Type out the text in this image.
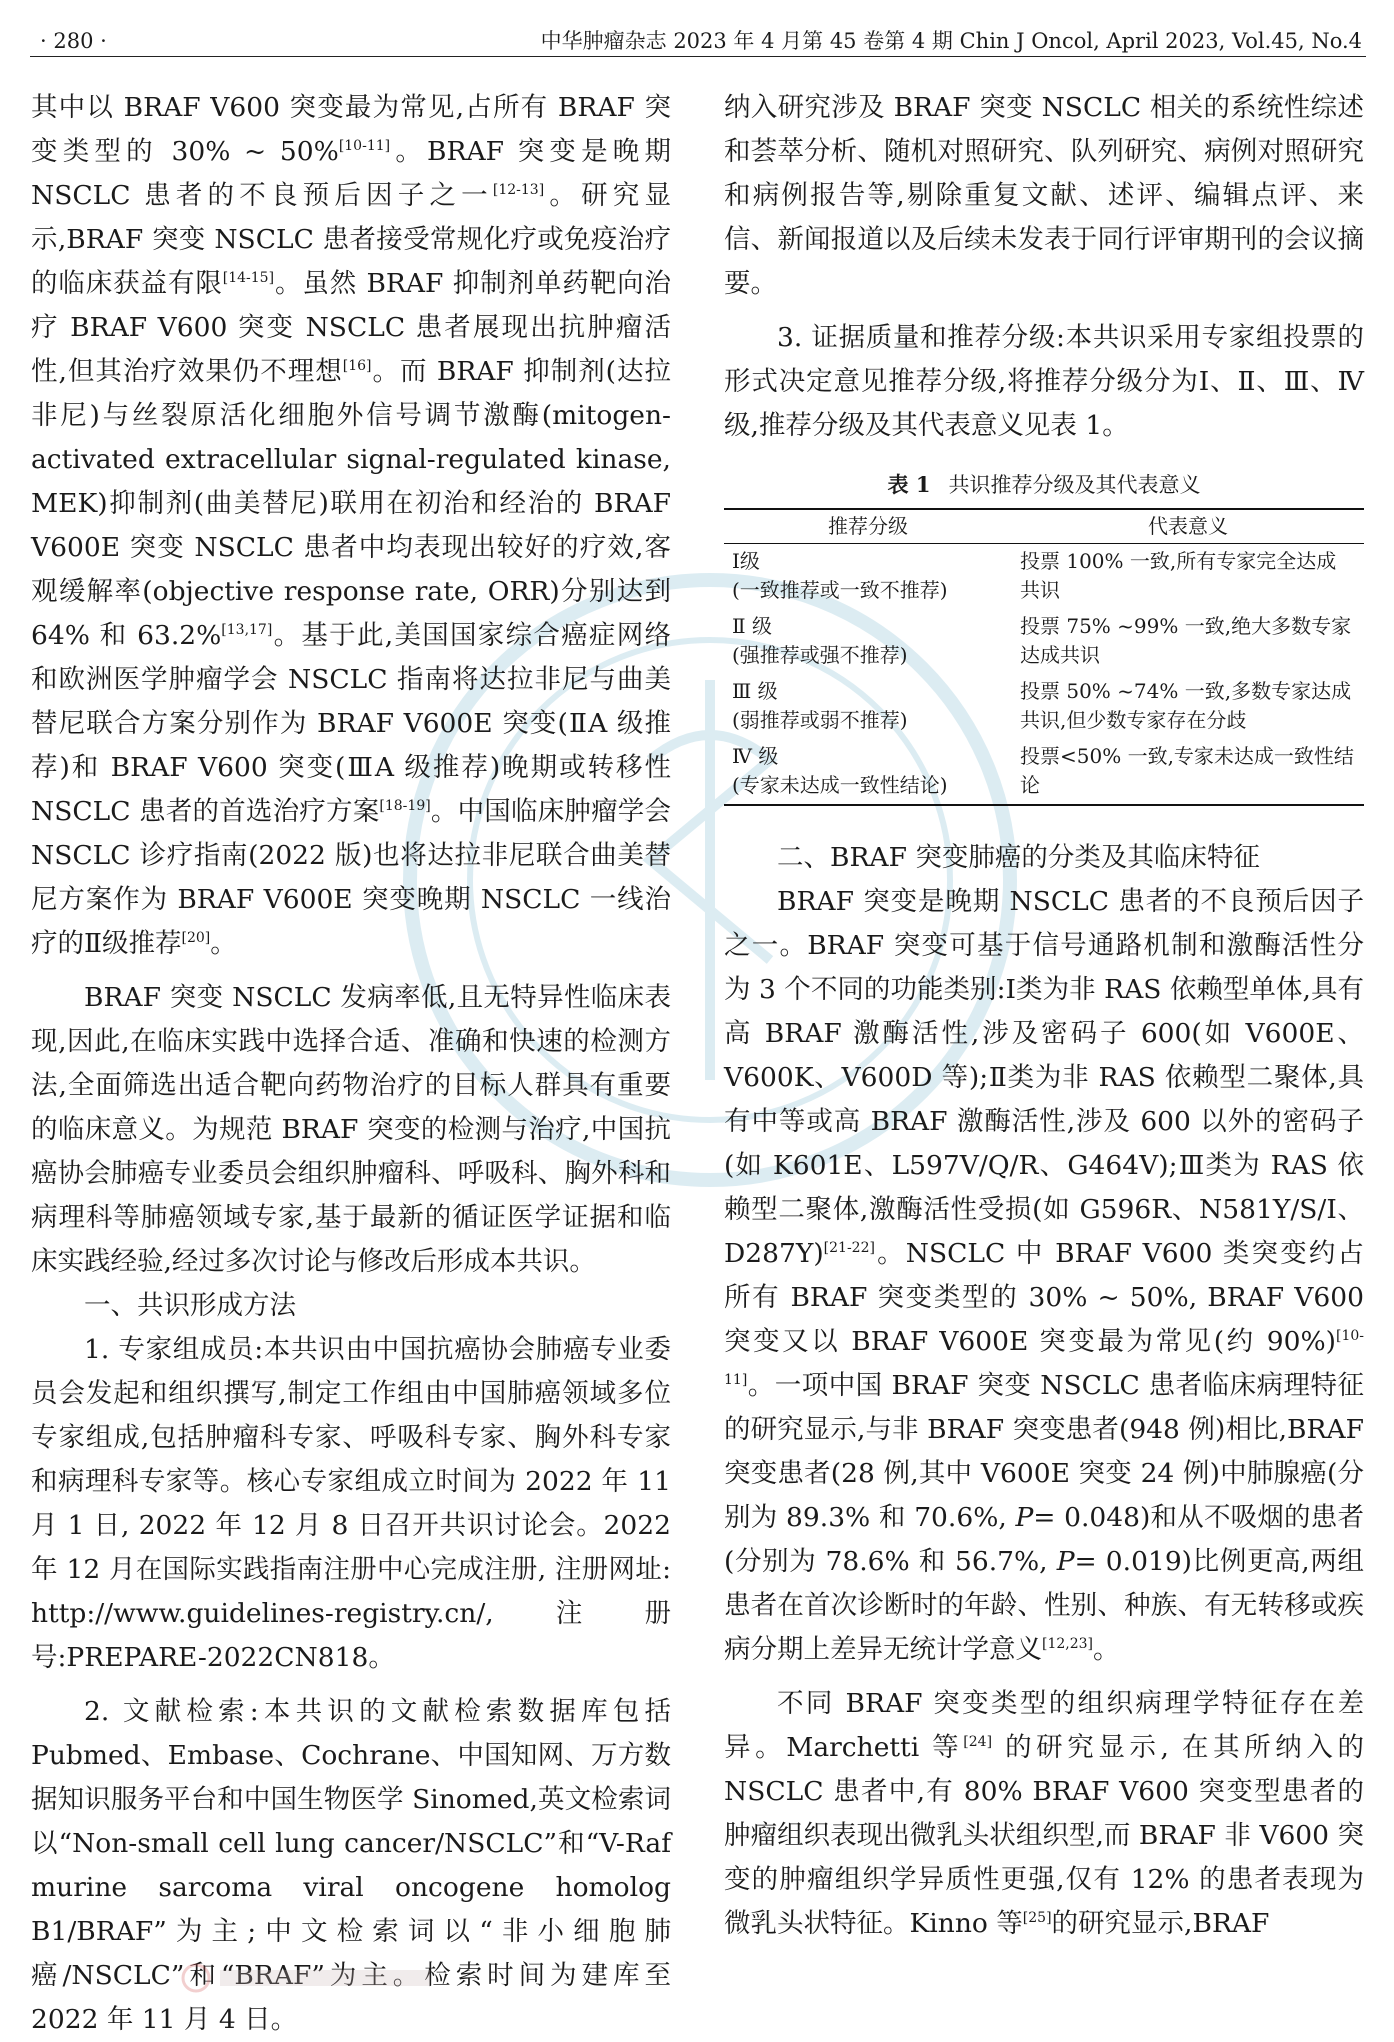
· 280 ·	中华肿瘤杂志 2023 年 4 月第 45 卷第 4 期 Chin J Oncol, April 2023, Vol.45, No.4

其中以 BRAF V600 突变最为常见,占所有 BRAF 突变类型的 30% ~ 50%[10-11]。BRAF 突变是晚期 NSCLC 患者的不良预后因子之一[12-13]。研究显示,BRAF 突变 NSCLC 患者接受常规化疗或免疫治疗的临床获益有限[14-15]。虽然 BRAF 抑制剂单药靶向治疗 BRAF V600 突变 NSCLC 患者展现出抗肿瘤活性,但其治疗效果仍不理想[16]。而 BRAF 抑制剂(达拉非尼)与丝裂原活化细胞外信号调节激酶(mitogen-activated extracellular signal-regulated kinase, MEK)抑制剂(曲美替尼)联用在初治和经治的 BRAF V600E 突变 NSCLC 患者中均表现出较好的疗效,客观缓解率(objective response rate, ORR)分别达到 64% 和 63.2%[13,17]。基于此,美国国家综合癌症网络和欧洲医学肿瘤学会 NSCLC 指南将达拉非尼与曲美替尼联合方案分别作为 BRAF V600E 突变(ⅡA 级推荐)和 BRAF V600 突变(ⅢA 级推荐)晚期或转移性 NSCLC 患者的首选治疗方案[18-19]。中国临床肿瘤学会 NSCLC 诊疗指南(2022 版)也将达拉非尼联合曲美替尼方案作为 BRAF V600E 突变晚期 NSCLC 一线治疗的Ⅱ级推荐[20]。

BRAF 突变 NSCLC 发病率低,且无特异性临床表现,因此,在临床实践中选择合适、准确和快速的检测方法,全面筛选出适合靶向药物治疗的目标人群具有重要的临床意义。为规范 BRAF 突变的检测与治疗,中国抗癌协会肺癌专业委员会组织肿瘤科、呼吸科、胸外科和病理科等肺癌领域专家,基于最新的循证医学证据和临床实践经验,经过多次讨论与修改后形成本共识。

一、共识形成方法

1. 专家组成员:本共识由中国抗癌协会肺癌专业委员会发起和组织撰写,制定工作组由中国肺癌领域多位专家组成,包括肿瘤科专家、呼吸科专家、胸外科专家和病理科专家等。核心专家组成立时间为 2022 年 11 月 1 日, 2022 年 12 月 8 日召开共识讨论会。2022 年 12 月在国际实践指南注册中心完成注册, 注册网址: http://www.guidelines-registry.cn/,注册号:PREPARE-2022CN818。

2. 文献检索:本共识的文献检索数据库包括 Pubmed、Embase、Cochrane、中国知网、万方数据知识服务平台和中国生物医学 Sinomed,英文检索词以“Non-small cell lung cancer/NSCLC”和“V-Raf murine sarcoma viral oncogene homolog B1/BRAF”为主;中文检索词以“非小细胞肺癌/NSCLC”和“BRAF”为主。检索时间为建库至 2022 年 11 月 4 日。

纳入研究涉及 BRAF 突变 NSCLC 相关的系统性综述和荟萃分析、随机对照研究、队列研究、病例对照研究和病例报告等,剔除重复文献、述评、编辑点评、来信、新闻报道以及后续未发表于同行评审期刊的会议摘要。

3. 证据质量和推荐分级:本共识采用专家组投票的形式决定意见推荐分级,将推荐分级分为Ⅰ、Ⅱ、Ⅲ、Ⅳ级,推荐分级及其代表意义见表 1。

表 1 共识推荐分级及其代表意义
推荐分级	代表意义

Ⅰ级
(一致推荐或一致不推荐)	投票 100% 一致,所有专家完全达成共识

Ⅱ 级
(强推荐或强不推荐)	投票 75% ~99% 一致,绝大多数专家达成共识

Ⅲ 级
(弱推荐或弱不推荐)	投票 50% ~74% 一致,多数专家达成共识,但少数专家存在分歧

Ⅳ 级
(专家未达成一致性结论)	投票<50% 一致,专家未达成一致性结论
二、BRAF 突变肺癌的分类及其临床特征

BRAF 突变是晚期 NSCLC 患者的不良预后因子之一。BRAF 突变可基于信号通路机制和激酶活性分为 3 个不同的功能类别:Ⅰ类为非 RAS 依赖型单体,具有高 BRAF 激酶活性,涉及密码子 600(如 V600E、V600K、V600D 等);Ⅱ类为非 RAS 依赖型二聚体,具有中等或高 BRAF 激酶活性,涉及 600 以外的密码子(如 K601E、L597V/Q/R、G464V);Ⅲ类为 RAS 依赖型二聚体,激酶活性受损(如 G596R、N581Y/S/I、D287Y)[21-22]。NSCLC 中 BRAF V600 类突变约占所有 BRAF 突变类型的 30% ~ 50%, BRAF V600 突变又以 BRAF V600E 突变最为常见(约 90%)[10-11]。一项中国 BRAF 突变 NSCLC 患者临床病理特征的研究显示,与非 BRAF 突变患者(948 例)相比,BRAF 突变患者(28 例,其中 V600E 突变 24 例)中肺腺癌(分别为 89.3% 和 70.6%, P= 0.048)和从不吸烟的患者(分别为 78.6% 和 56.7%, P= 0.019)比例更高,两组患者在首次诊断时的年龄、性别、种族、有无转移或疾病分期上差异无统计学意义[12,23]。

不同 BRAF 突变类型的组织病理学特征存在差异。Marchetti 等[24] 的研究显示, 在其所纳入的 NSCLC 患者中,有 80% BRAF V600 突变型患者的肿瘤组织表现出微乳头状组织型,而 BRAF 非 V600 突变的肿瘤组织学异质性更强,仅有 12% 的患者表现为微乳头状特征。Kinno 等[25]的研究显示,BRAF
